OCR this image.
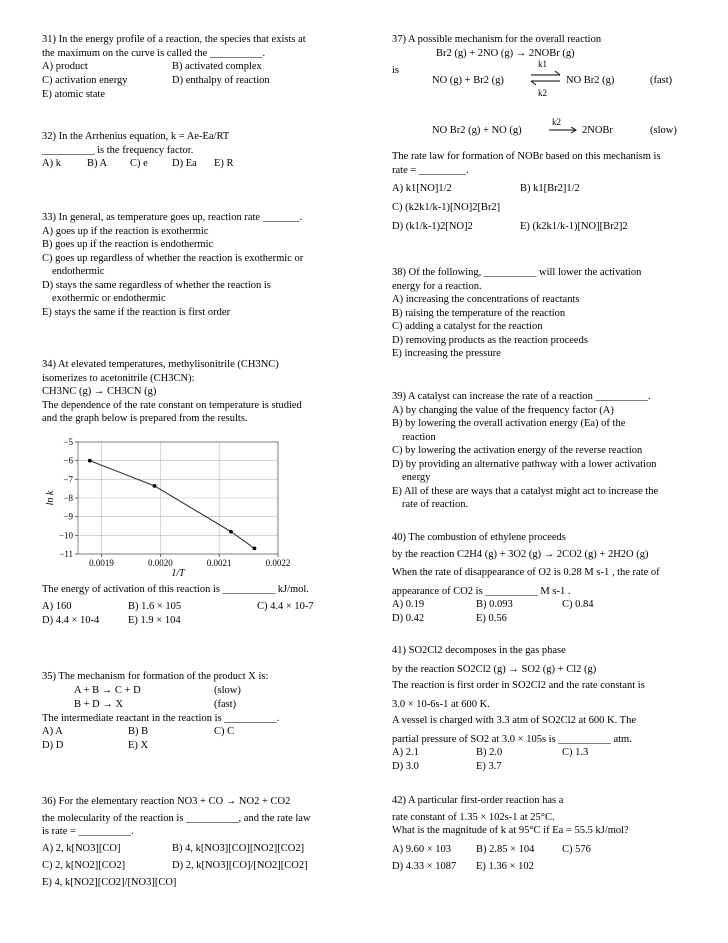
31) In the energy profile of a reaction, the species that exists at
the maximum on the curve is called the __________.
A) product	B) activated complex
C) activation energy	D) enthalpy of reaction
E) atomic state
32) In the Arrhenius equation, k = Ae-Ea/RT
__________ is the frequency factor.
A) k B) A C) e D) Ea E) R
33) In general, as temperature goes up, reaction rate _______.
A) goes up if the reaction is exothermic
B) goes up if the reaction is endothermic
C) goes up regardless of whether the reaction is exothermic or
endothermic
D) stays the same regardless of whether the reaction is
exothermic or endothermic
E) stays the same if the reaction is first order
34) At elevated temperatures, methylisonitrile (CH3NC)
isomerizes to acetonitrile (CH3CN):
CH3NC (g) → CH3CN (g)
The dependence of the rate constant on temperature is studied
and the graph below is prepared from the results.
−5
−6
−7
−8
−9
−10
−11
0.0019	0.0020	0.0021	0.0022
1/T
ln k
The energy of activation of this reaction is __________ kJ/mol.
A) 160	B) 1.6 × 105	C) 4.4 × 10-7
D) 4.4 × 10-4	E) 1.9 × 104
35) The mechanism for formation of the product X is:
A + B → C + D	(slow)
B + D → X	(fast)
The intermediate reactant in the reaction is __________.
A) A	B) B	C) C
D) D	E) X
36) For the elementary reaction NO3 + CO → NO2 + CO2
the molecularity of the reaction is __________, and the rate law
is rate = __________.
A) 2, k[NO3][CO]	B) 4, k[NO3][CO][NO2][CO2]
C) 2, k[NO2][CO2]	D) 2, k[NO3][CO]/[NO2][CO2]
E) 4, k[NO2][CO2]/[NO3][CO]
37) A possible mechanism for the overall reaction
Br2 (g) + 2NO (g) → 2NOBr (g)
is
k1
NO (g) + Br2 (g)
k2
NO Br2 (g)	(fast)
NO Br2 (g) + NO (g)
k2
2NOBr	(slow)
The rate law for formation of NOBr based on this mechanism is
rate = _________.
A) k1[NO]1/2	B) k1[Br2]1/2
C) (k2k1/k-1)[NO]2[Br2]
D) (k1/k-1)2[NO]2	E) (k2k1/k-1)[NO][Br2]2
38) Of the following, __________ will lower the activation
energy for a reaction.
A) increasing the concentrations of reactants
B) raising the temperature of the reaction
C) adding a catalyst for the reaction
D) removing products as the reaction proceeds
E) increasing the pressure
39) A catalyst can increase the rate of a reaction __________.
A) by changing the value of the frequency factor (A)
B) by lowering the overall activation energy (Ea) of the
reaction
C) by lowering the activation energy of the reverse reaction
D) by providing an alternative pathway with a lower activation
energy
E) All of these are ways that a catalyst might act to increase the
rate of reaction.
40) The combustion of ethylene proceeds
by the reaction C2H4 (g) + 3O2 (g) → 2CO2 (g) + 2H2O (g)
When the rate of disappearance of O2 is 0.28 M s-1 , the rate of
appearance of CO2 is __________ M s-1 .
A) 0.19	B) 0.093	C) 0.84
D) 0.42	E) 0.56
41) SO2Cl2 decomposes in the gas phase
by the reaction SO2Cl2 (g) → SO2 (g) + Cl2 (g)
The reaction is first order in SO2Cl2 and the rate constant is
3.0 × 10-6s-1 at 600 K.
A vessel is charged with 3.3 atm of SO2Cl2 at 600 K. The
partial pressure of SO2 at 3.0 × 105s is __________ atm.
A) 2.1	B) 2.0	C) 1.3
D) 3.0	E) 3.7
42) A particular first-order reaction has a
rate constant of 1.35 × 102s-1 at 25°C.
What is the magnitude of k at 95°C if Ea = 55.5 kJ/mol?
A) 9.60 × 103 B) 2.85 × 104	C) 576
D) 4.33 × 1087 E) 1.36 × 102
